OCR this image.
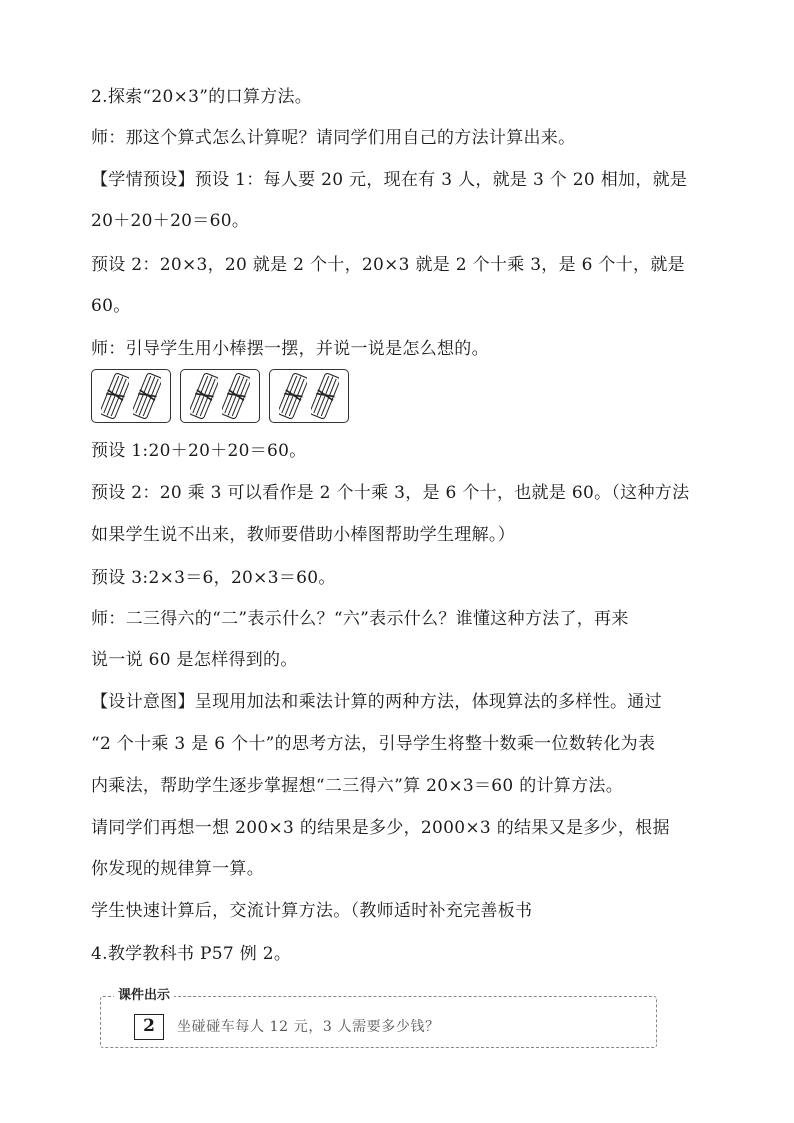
2.探索“20×3”的口算方法。
师：那这个算式怎么计算呢？请同学们用自己的方法计算出来。
【学情预设】预设 1：每人要 20 元，现在有 3 人，就是 3 个 20 相加，就是
20＋20＋20＝60。
预设 2：20×3，20 就是 2 个十，20×3 就是 2 个十乘 3，是 6 个十，就是
60。
师：引导学生用小棒摆一摆，并说一说是怎么想的。
预设 1:20＋20＋20＝60。
预设 2：20 乘 3 可以看作是 2 个十乘 3，是 6 个十，也就是 60。（这种方法
如果学生说不出来，教师要借助小棒图帮助学生理解。）
预设 3:2×3＝6，20×3＝60。
师：二三得六的“二”表示什么？“六”表示什么？谁懂这种方法了，再来
说一说 60 是怎样得到的。
【设计意图】呈现用加法和乘法计算的两种方法，体现算法的多样性。通过
“2 个十乘 3 是 6 个十”的思考方法，引导学生将整十数乘一位数转化为表
内乘法，帮助学生逐步掌握想“二三得六”算 20×3＝60 的计算方法。
请同学们再想一想 200×3 的结果是多少，2000×3 的结果又是多少，根据
你发现的规律算一算。
学生快速计算后，交流计算方法。（教师适时补充完善板书
4.教学教科书 P57 例 2。
课件出示
2	坐碰碰车每人 12 元，3 人需要多少钱？
